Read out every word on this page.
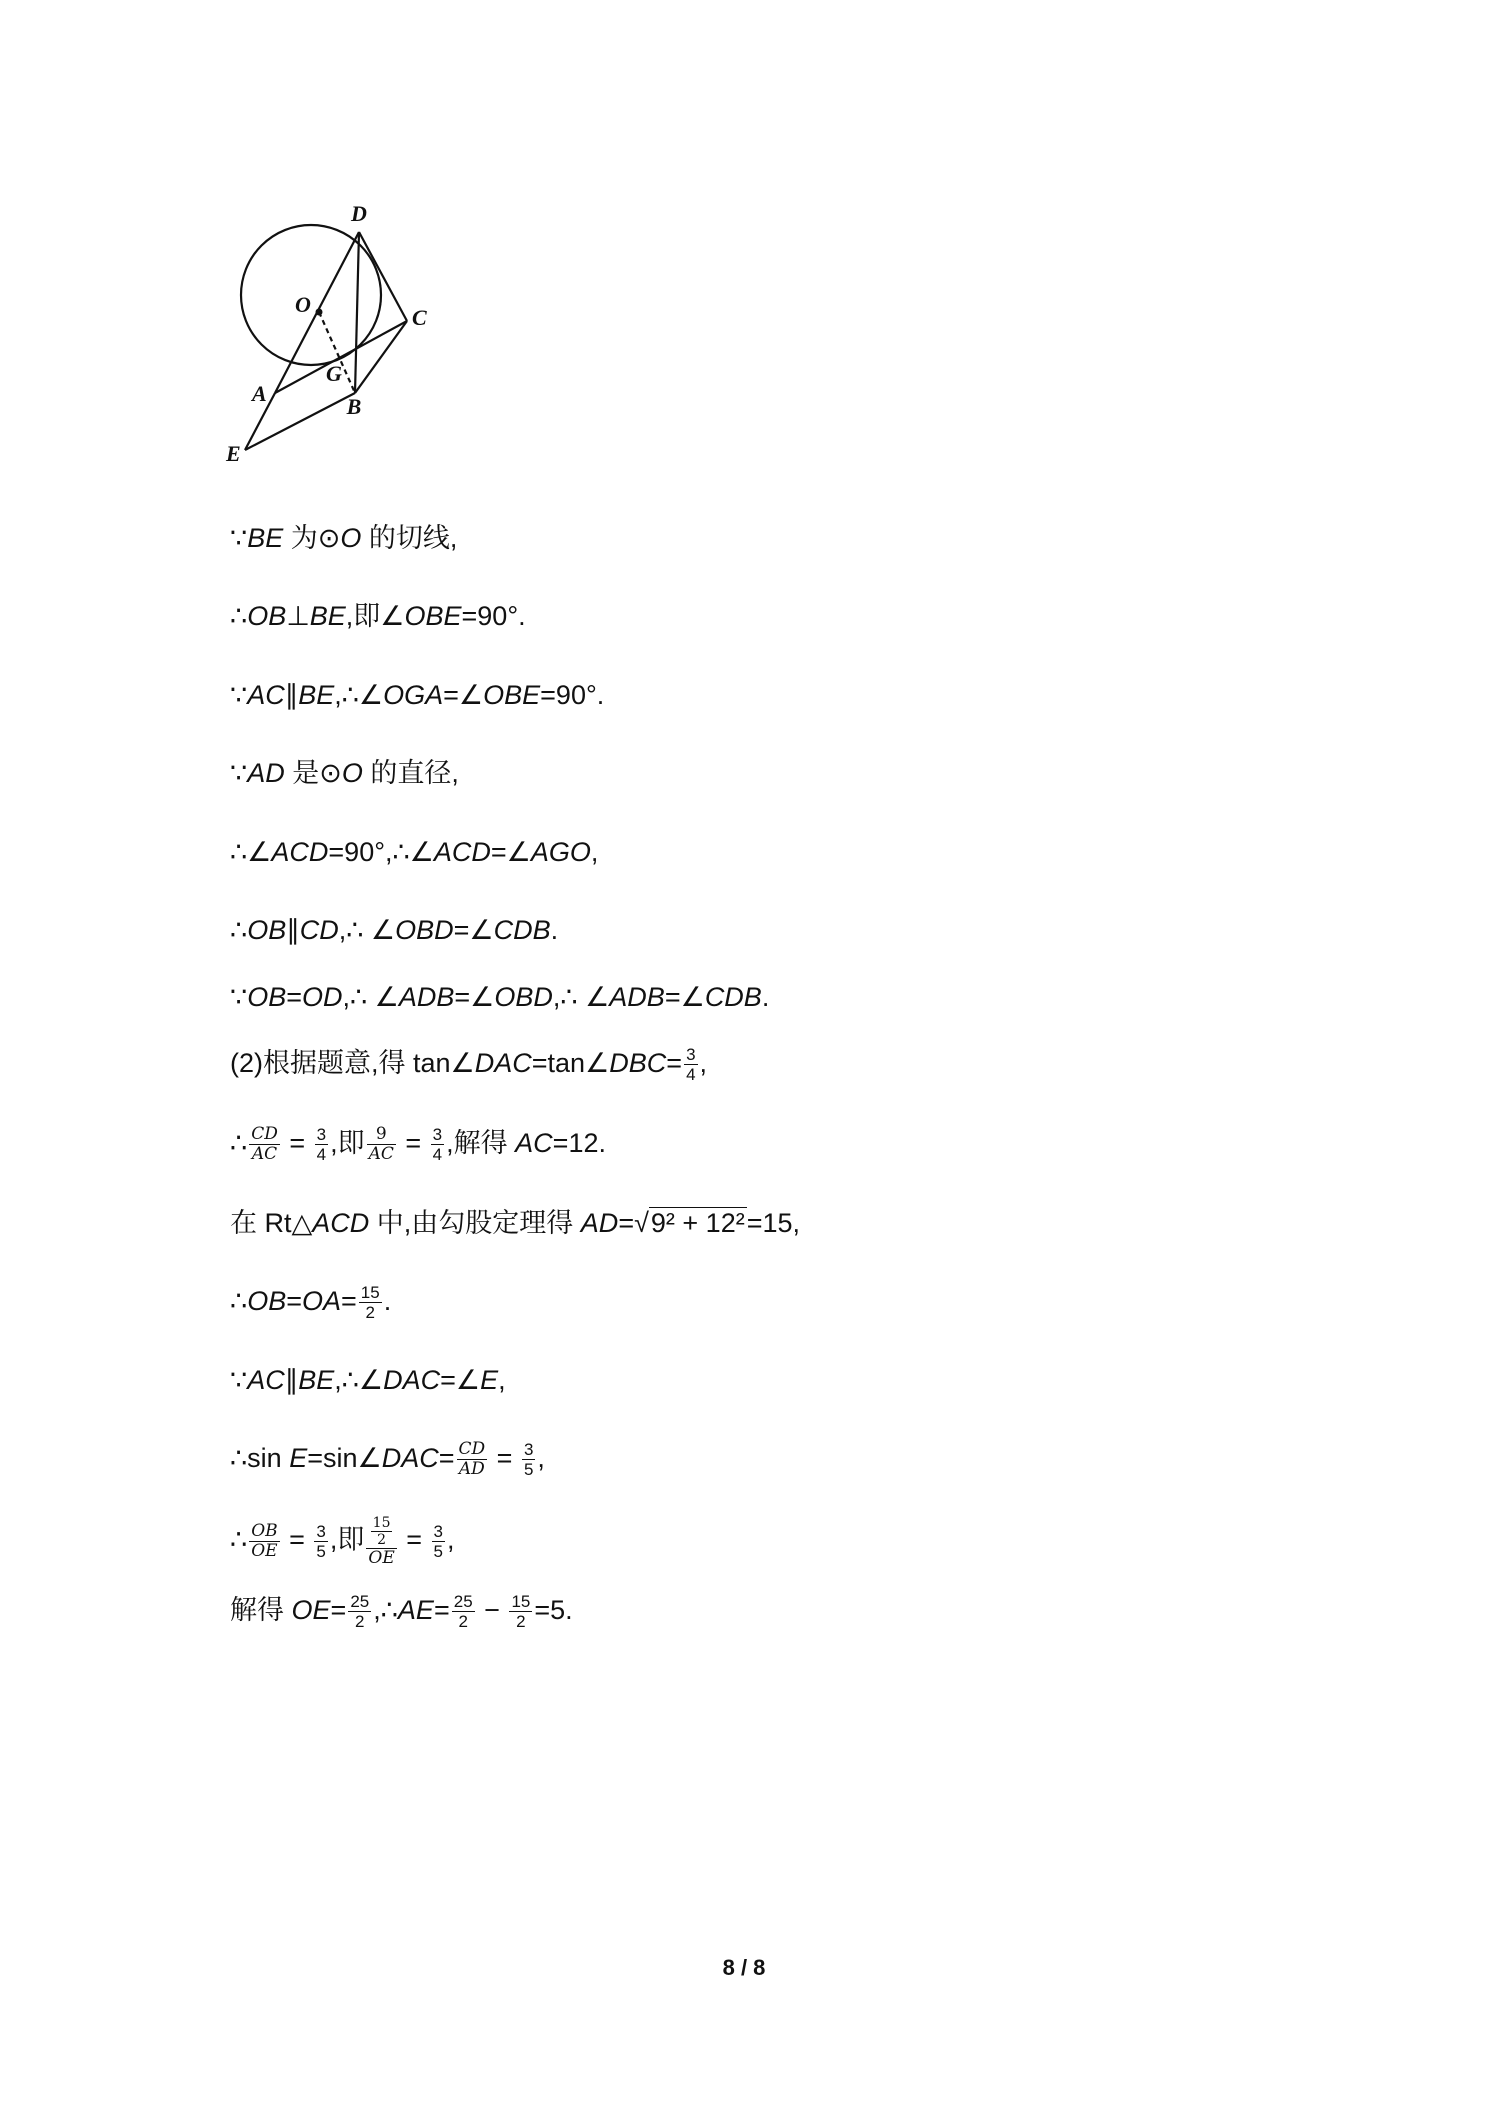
D
O
C
G
A
B
E
∵BE 为⊙O 的切线,
∴OB⊥BE,即∠OBE=90°.
∵AC∥BE,∴∠OGA=∠OBE=90°.
∵AD 是⊙O 的直径,
∴∠ACD=90°,∴∠ACD=∠AGO,
∴OB∥CD,∴ ∠OBD=∠CDB.
∵OB=OD,∴ ∠ADB=∠OBD,∴ ∠ADB=∠CDB.
(2)根据题意,得 tan∠DAC=tan∠DBC= $\frac{3}{4}$ ,
∴ $\frac{CD}{AC} = \frac{3}{4}$ ,即 $\frac{9}{AC} = \frac{3}{4}$ ,解得 AC=12.
在 Rt△ACD 中,由勾股定理得 AD=√9² + 12²=15,
∴OB=OA= $\frac{15}{2}$ .
∵AC∥BE,∴∠DAC=∠E,
∴sin E=sin∠DAC= $\frac{CD}{AD} = \frac{3}{5}$ ,
∴ $\frac{OB}{OE} = \frac{3}{5}$ ,即 $\frac{\frac{15}{2}}{OE} = \frac{3}{5}$ ,
解得 $OE= \frac{25}{2}$ ,∴AE= $\frac{25}{2} - \frac{15}{2} =5$.
8 / 8
